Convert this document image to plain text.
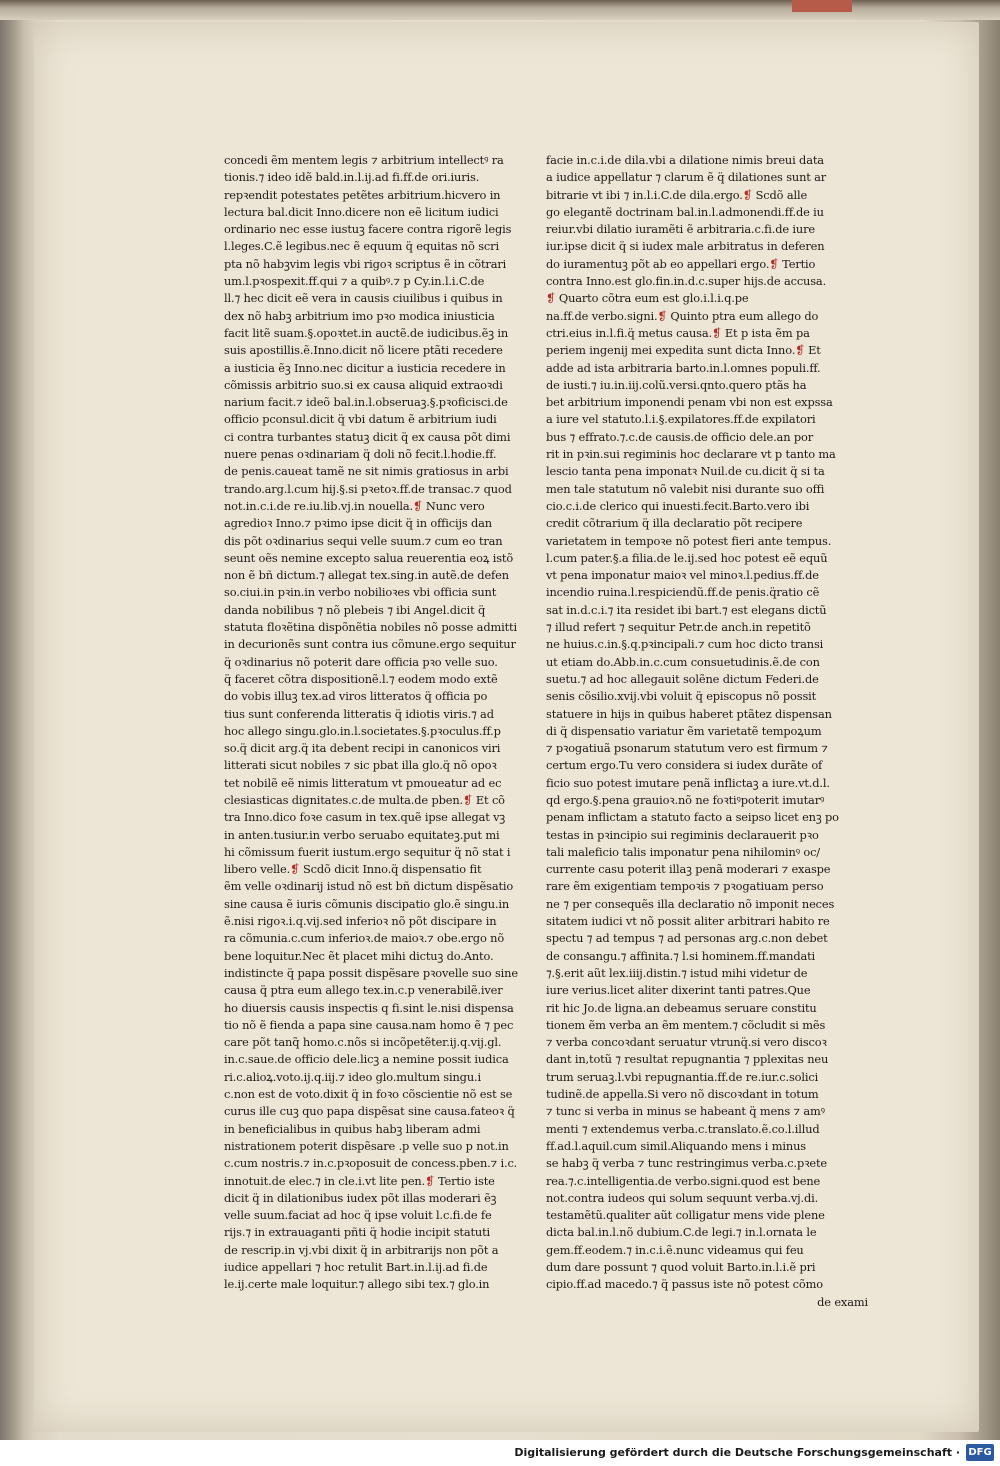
concedi ẽm mentem legis ⁊ arbitrium intellectꝰ ra
tionis.⁊ ideo idẽ bald.in.l.ij.ad fi.ff.de ori.iuris.
repꝛendit potestates petẽtes arbitrium.hicvero in
lectura bal.dicit Inno.dicere non eẽ licitum iudici
ordinario nec esse iustuꝫ facere contra rigorẽ legis
l.leges.C.ẽ legibus.nec ẽ equum q̈ equitas nõ scri
pta nõ habꝫvim legis vbi rigoꝛ scriptus ẽ in cõtrari
um.l.pꝛospexit.ff.qui ⁊ a quibꝰ.⁊ p Cy.in.l.i.C.de
ll.⁊ hec dicit eẽ vera in causis ciuilibus i quibus in
dex nõ habꝫ arbitrium imo pꝛo modica iniusticia
facit litẽ suam.§.opoꝛtet.in auctẽ.de iudicibus.ẽꝫ in
suis apostillis.ẽ.Inno.dicit nõ licere ptãti recedere
a iusticia ẽꝫ Inno.nec dicitur a iusticia recedere in
cõmissis arbitrio suo.si ex causa aliquid extraoꝛdi
narium facit.⁊ ideõ bal.in.l.obseruaꝫ.§.pꝛoficisci.de
officio pconsul.dicit q̈ vbi datum ẽ arbitrium iudi
ci contra turbantes statuꝫ dicit q̈ ex causa põt dimi
nuere penas oꝛdinariam q̈ doli nõ fecit.l.hodie.ff.
de penis.caueat tamẽ ne sit nimis gratiosus in arbi
trando.arg.l.cum hij.§.si pꝛetoꝛ.ff.de transac.⁊ quod
not.in.c.i.de re.iu.lib.vj.in nouella.❡ Nunc vero
agredioꝛ Inno.⁊ pꝛimo ipse dicit q̈ in officijs dan
dis põt oꝛdinarius sequi velle suum.⁊ cum eo tran
seunt oẽs nemine excepto salua reuerentia eoꝝ istõ
non ẽ bñ dictum.⁊ allegat tex.sing.in autẽ.de defen
so.ciui.in pꝛin.in verbo nobilioꝛes vbi officia sunt
danda nobilibus ⁊ nõ plebeis ⁊ ibi Angel.dicit q̈
statuta floꝛẽtina dispõnẽtia nobiles nõ posse admitti
in decurionẽs sunt contra ius cõmune.ergo sequitur
q̈ oꝛdinarius nõ poterit dare officia pꝛo velle suo.
q̈ faceret cõtra dispositionẽ.l.⁊ eodem modo extẽ
do vobis illuꝫ tex.ad viros litteratos q̈ officia po
tius sunt conferenda litteratis q̈ idiotis viris.⁊ ad
hoc allego singu.glo.in.l.societates.§.pꝛoculus.ff.p
so.q̈ dicit arg.q̈ ita debent recipi in canonicos viri
litterati sicut nobiles ⁊ sic pbat illa glo.q̈ nõ opoꝛ
tet nobilẽ eẽ nimis litteratum vt pmoueatur ad ec
clesiasticas dignitates.c.de multa.de pben.❡ Et cõ
tra Inno.dico foꝛe casum in tex.quẽ ipse allegat vꝫ
in anten.tusiur.in verbo seruabo equitateꝫ.put mi
hi cõmissum fuerit iustum.ergo sequitur q̈ nõ stat i
libero velle.❡ Scdõ dicit Inno.q̈ dispensatio fit
ẽm velle oꝛdinarij istud nõ est bñ dictum dispẽsatio
sine causa ẽ iuris cõmunis discipatio glo.ẽ singu.in
ẽ.nisi rigoꝛ.i.q.vij.sed inferioꝛ nõ põt discipare in
ra cõmunia.c.cum inferioꝛ.de maioꝛ.⁊ obe.ergo nõ
bene loquitur.Nec ẽt placet mihi dictuꝫ do.Anto.
indistincte q̈ papa possit dispẽsare pꝛovelle suo sine
causa q̈ ptra eum allego tex.in.c.p venerabilẽ.iver
ho diuersis causis inspectis q fi.sint le.nisi dispensa
tio nõ ẽ fienda a papa sine causa.nam homo ẽ ⁊ pec
care põt tanq̃ homo.c.nõs si incõpetẽter.ij.q.vij.gl.
in.c.saue.de officio dele.licꝫ a nemine possit iudica
ri.c.alioꝝ.voto.ij.q.iij.⁊ ideo glo.multum singu.i
c.non est de voto.dixit q̈ in foꝛo cõscientie nõ est se
curus ille cuꝫ quo papa dispẽsat sine causa.fateoꝛ q̈
in beneficialibus in quibus habꝫ liberam admi
nistrationem poterit dispẽsare .p velle suo p not.in
c.cum nostris.⁊ in.c.pꝛoposuit de concess.pben.⁊ i.c.
innotuit.de elec.⁊ in cle.i.vt lite pen.❡ Tertio iste
dicit q̈ in dilationibus iudex põt illas moderari ẽꝫ
velle suum.faciat ad hoc q̈ ipse voluit l.c.fi.de fe
rijs.⁊ in extrauaganti pñti q̈ hodie incipit statuti
de rescrip.in vj.vbi dixit q̈ in arbitrarijs non põt a
iudice appellari ⁊ hoc retulit Bart.in.l.ij.ad fi.de
le.ij.certe male loquitur.⁊ allego sibi tex.⁊ glo.in
facie in.c.i.de dila.vbi a dilatione nimis breui data
a iudice appellatur ⁊ clarum ẽ q̈ dilationes sunt ar
bitrarie vt ibi ⁊ in.l.i.C.de dila.ergo.❡ Scdõ alle
go elegantẽ doctrinam bal.in.l.admonendi.ff.de iu
reiur.vbi dilatio iuramẽti ẽ arbitraria.c.fi.de iure
iur.ipse dicit q̈ si iudex male arbitratus in deferen
do iuramentuꝫ põt ab eo appellari ergo.❡ Tertio
contra Inno.est glo.fin.in.d.c.super hijs.de accusa.
❡ Quarto cõtra eum est glo.i.l.i.q.pe
na.ff.de verbo.signi.❡ Quinto ptra eum allego do
ctri.eius in.l.fi.q̈ metus causa.❡ Et p ista ẽm pa
periem ingenij mei expedita sunt dicta Inno.❡ Et
adde ad ista arbitraria barto.in.l.omnes populi.ff.
de iusti.⁊ iu.in.iij.colũ.versi.qnto.quero ptãs ha
bet arbitrium imponendi penam vbi non est expssa
a iure vel statuto.l.i.§.expilatores.ff.de expilatori
bus ⁊ effrato.⁊.c.de causis.de officio dele.an por
rit in pꝛin.sui regiminis hoc declarare vt p tanto ma
lescio tanta pena imponatꝛ Nuil.de cu.dicit q̈ si ta
men tale statutum nõ valebit nisi durante suo offi
cio.c.i.de clerico qui inuesti.fecit.Barto.vero ibi
credit cõtrarium q̈ illa declaratio põt recipere
varietatem in tempoꝛe nõ potest fieri ante tempus.
l.cum pater.§.a filia.de le.ij.sed hoc potest eẽ equũ
vt pena imponatur maioꝛ vel minoꝛ.l.pedius.ff.de
incendio ruina.l.respiciendũ.ff.de penis.q̈ratio cẽ
sat in.d.c.i.⁊ ita residet ibi bart.⁊ est elegans dictũ
⁊ illud refert ⁊ sequitur Petr.de anch.in repetitõ
ne huius.c.in.§.q.pꝛincipali.⁊ cum hoc dicto transi
ut etiam do.Abb.in.c.cum consuetudinis.ẽ.de con
suetu.⁊ ad hoc allegauit solẽne dictum Federi.de
senis cõsilio.xvij.vbi voluit q̈ episcopus nõ possit
statuere in hijs in quibus haberet ptãtez dispensan
di q̈ dispensatio variatur ẽm varietatẽ tempoꝝum
⁊ pꝛogatiuã psonarum statutum vero est firmum ⁊
certum ergo.Tu vero considera si iudex durãte of
ficio suo potest imutare penã inflictaꝫ a iure.vt.d.l.
qd ergo.§.pena grauioꝛ.nõ ne foꝛtiꝰpoterit imutarꝰ
penam inflictam a statuto facto a seipso licet enꝫ po
testas in pꝛincipio sui regiminis declarauerit pꝛo
tali maleficio talis imponatur pena nihilominꝰ oc/
currente casu poterit illaꝫ penã moderari ⁊ exaspe
rare ẽm exigentiam tempoꝛis ⁊ pꝛogatiuam perso
ne ⁊ per consequẽs illa declaratio nõ imponit neces
sitatem iudici vt nõ possit aliter arbitrari habito re
spectu ⁊ ad tempus ⁊ ad personas arg.c.non debet
de consangu.⁊ affinita.⁊ l.si hominem.ff.mandati
⁊.§.erit aũt lex.iiij.distin.⁊ istud mihi videtur de
iure verius.licet aliter dixerint tanti patres.Que
rit hic Jo.de ligna.an debeamus seruare constitu
tionem ẽm verba an ẽm mentem.⁊ cõcludit si mẽs
⁊ verba concoꝛdant seruatur vtrunq̈.si vero discoꝛ
dant in,totũ ⁊ resultat repugnantia ⁊ pplexitas neu
trum seruaꝫ.l.vbi repugnantia.ff.de re.iur.c.solici
tudinẽ.de appella.Si vero nõ discoꝛdant in totum
⁊ tunc si verba in minus se habeant q̈ mens ⁊ amꝰ
menti ⁊ extendemus verba.c.translato.ẽ.co.l.illud
ff.ad.l.aquil.cum simil.Aliquando mens i minus
se habꝫ q̈ verba ⁊ tunc restringimus verba.c.pꝛete
rea.⁊.c.intelligentia.de verbo.signi.quod est bene
not.contra iudeos qui solum sequunt verba.vj.di.
testamẽtũ.qualiter aũt colligatur mens vide plene
dicta bal.in.l.nõ dubium.C.de legi.⁊ in.l.ornata le
gem.ff.eodem.⁊ in.c.i.ẽ.nunc videamus qui feu
dum dare possunt ⁊ quod voluit Barto.in.l.i.ẽ pri
cipio.ff.ad macedo.⁊ q̈ passus iste nõ potest cõmo
de exami
Digitalisierung gefördert durch die Deutsche Forschungsgemeinschaft · DFG
